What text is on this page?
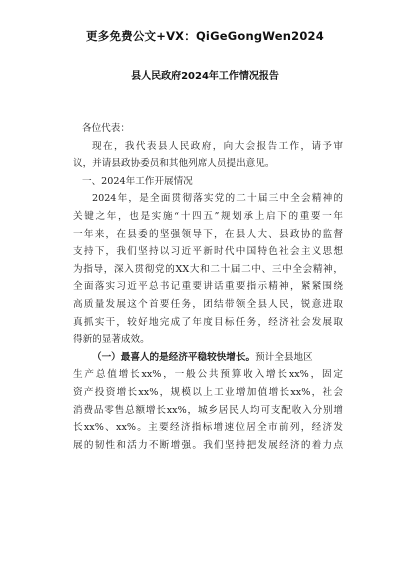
更多免费公文+VX：QiGeGongWen2024
县人民政府2024年工作情况报告
各位代表：
现在，我代表县人民政府，向大会报告工作，请予审
议，并请县政协委员和其他列席人员提出意见。
一、2024年工作开展情况
2024年，是全面贯彻落实党的二十届三中全会精神的
关键之年，也是实施“十四五”规划承上启下的重要一年
一年来，在县委的坚强领导下，在县人大、县政协的监督
支持下，我们坚持以习近平新时代中国特色社会主义思想
为指导，深入贯彻党的XX大和二十届二中、三中全会精神，
全面落实习近平总书记重要讲话重要指示精神，紧紧围绕
高质量发展这个首要任务，团结带领全县人民，锐意进取
真抓实干，较好地完成了年度目标任务，经济社会发展取
得新的显著成效。
（一）最喜人的是经济平稳较快增长。预计全县地区
生产总值增长xx%，一般公共预算收入增长xx%，固定
资产投资增长xx%，规模以上工业增加值增长xx%，社会
消费品零售总额增长xx%，城乡居民人均可支配收入分别增
长xx%、xx%。主要经济指标增速位居全市前列，经济发
展的韧性和活力不断增强。我们坚持把发展经济的着力点
